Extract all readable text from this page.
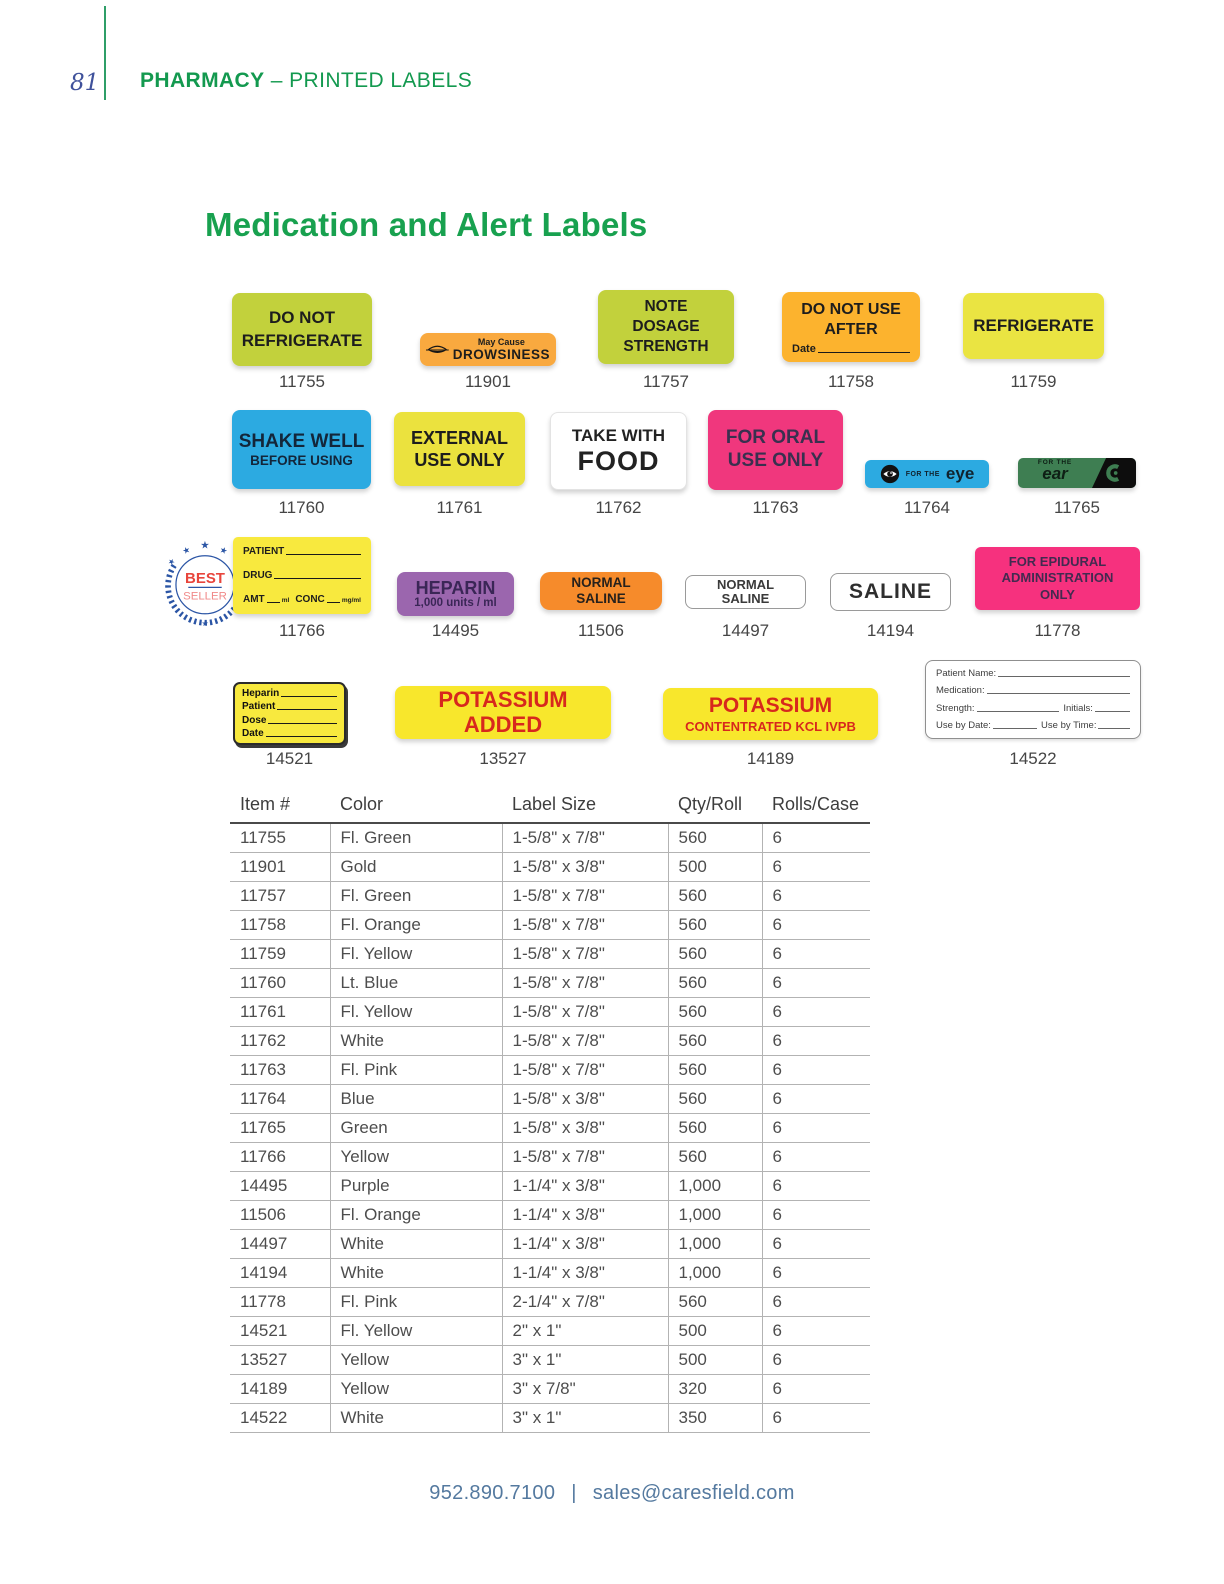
81 PHARMACY – PRINTED LABELS
Medication and Alert Labels
DO NOT
REFRIGERATE
11755
May Cause
DROWSINESS
11901
NOTE
DOSAGE
STRENGTH
11757
DO NOT USE
AFTER
Date
11758
REFRIGERATE
11759
SHAKE WELL
BEFORE USING
11760
EXTERNAL
USE ONLY
11761
TAKE WITH
FOOD
11762
FOR ORAL
USE ONLY
11763
FOR THE eye
11764
FOR THE
ear
11765
★
★	★
★
BEST
SELLER
★
PATIENT
DRUG
AMT	ml CONC	mg/ml
11766
HEPARIN
1,000 units / ml
14495
NORMAL
SALINE
11506
NORMAL
SALINE
14497
SALINE
14194
FOR EPIDURAL
ADMINISTRATION
ONLY
11778
Heparin
Patient
Dose
Date
14521
POTASSIUM
ADDED
13527
POTASSIUM
CONTENTRATED KCL IVPB
14189
Patient Name:
Medication:
Strength:	Initials:
Use by Date:	Use by Time:
14522
Item #	Color	Label Size	Qty/Roll	Rolls/Case
11755	Fl. Green	1-5/8" x 7/8"	560	6
11901	Gold	1-5/8" x 3/8"	500	6
11757	Fl. Green	1-5/8" x 7/8"	560	6
11758	Fl. Orange	1-5/8" x 7/8"	560	6
11759	Fl. Yellow	1-5/8" x 7/8"	560	6
11760	Lt. Blue	1-5/8" x 7/8"	560	6
11761	Fl. Yellow	1-5/8" x 7/8"	560	6
11762	White	1-5/8" x 7/8"	560	6
11763	Fl. Pink	1-5/8" x 7/8"	560	6
11764	Blue	1-5/8" x 3/8"	560	6
11765	Green	1-5/8" x 3/8"	560	6
11766	Yellow	1-5/8" x 7/8"	560	6
14495	Purple	1-1/4" x 3/8"	1,000	6
11506	Fl. Orange	1-1/4" x 3/8"	1,000	6
14497	White	1-1/4" x 3/8"	1,000	6
14194	White	1-1/4" x 3/8"	1,000	6
11778	Fl. Pink	2-1/4" x 7/8"	560	6
14521	Fl. Yellow	2" x 1"	500	6
13527	Yellow	3" x 1"	500	6
14189	Yellow	3" x 7/8"	320	6
14522	White	3" x 1"	350	6
952.890.7100 | sales@caresfield.com
